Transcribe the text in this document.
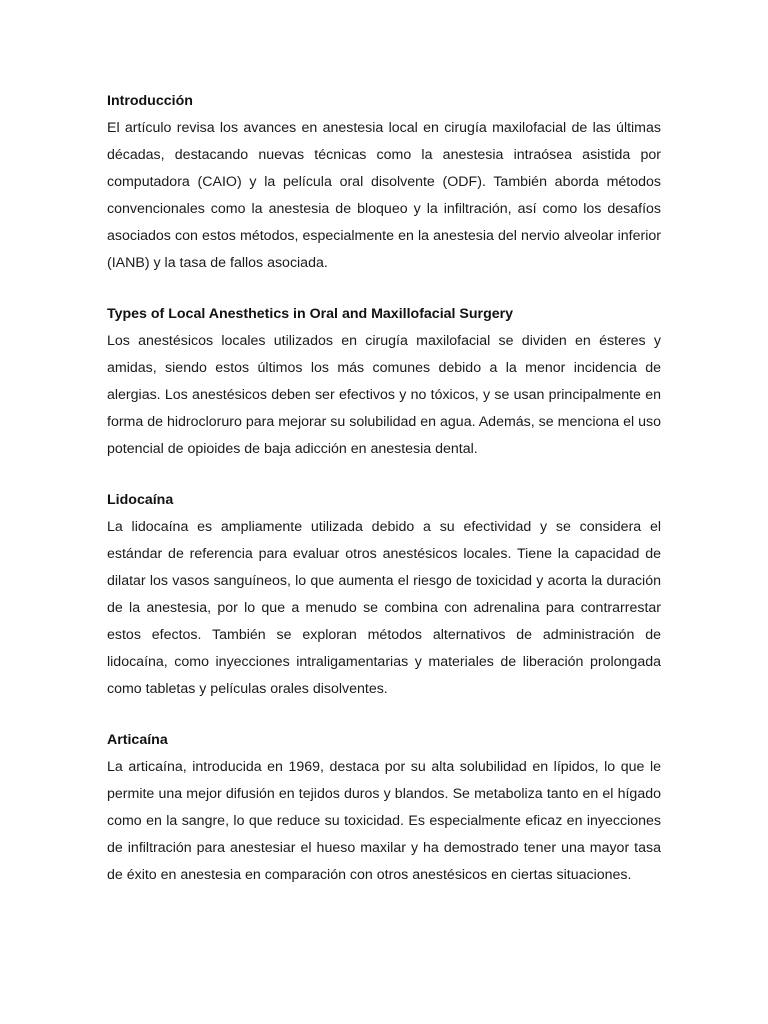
Introducción

El artículo revisa los avances en anestesia local en cirugía maxilofacial de las últimas décadas, destacando nuevas técnicas como la anestesia intraósea asistida por computadora (CAIO) y la película oral disolvente (ODF). También aborda métodos convencionales como la anestesia de bloqueo y la infiltración, así como los desafíos asociados con estos métodos, especialmente en la anestesia del nervio alveolar inferior (IANB) y la tasa de fallos asociada.

Types of Local Anesthetics in Oral and Maxillofacial Surgery

Los anestésicos locales utilizados en cirugía maxilofacial se dividen en ésteres y amidas, siendo estos últimos los más comunes debido a la menor incidencia de alergias. Los anestésicos deben ser efectivos y no tóxicos, y se usan principalmente en forma de hidrocloruro para mejorar su solubilidad en agua. Además, se menciona el uso potencial de opioides de baja adicción en anestesia dental.

Lidocaína

La lidocaína es ampliamente utilizada debido a su efectividad y se considera el estándar de referencia para evaluar otros anestésicos locales. Tiene la capacidad de dilatar los vasos sanguíneos, lo que aumenta el riesgo de toxicidad y acorta la duración de la anestesia, por lo que a menudo se combina con adrenalina para contrarrestar estos efectos. También se exploran métodos alternativos de administración de lidocaína, como inyecciones intraligamentarias y materiales de liberación prolongada como tabletas y películas orales disolventes.

Articaína

La articaína, introducida en 1969, destaca por su alta solubilidad en lípidos, lo que le permite una mejor difusión en tejidos duros y blandos. Se metaboliza tanto en el hígado como en la sangre, lo que reduce su toxicidad. Es especialmente eficaz en inyecciones de infiltración para anestesiar el hueso maxilar y ha demostrado tener una mayor tasa de éxito en anestesia en comparación con otros anestésicos en ciertas situaciones.
